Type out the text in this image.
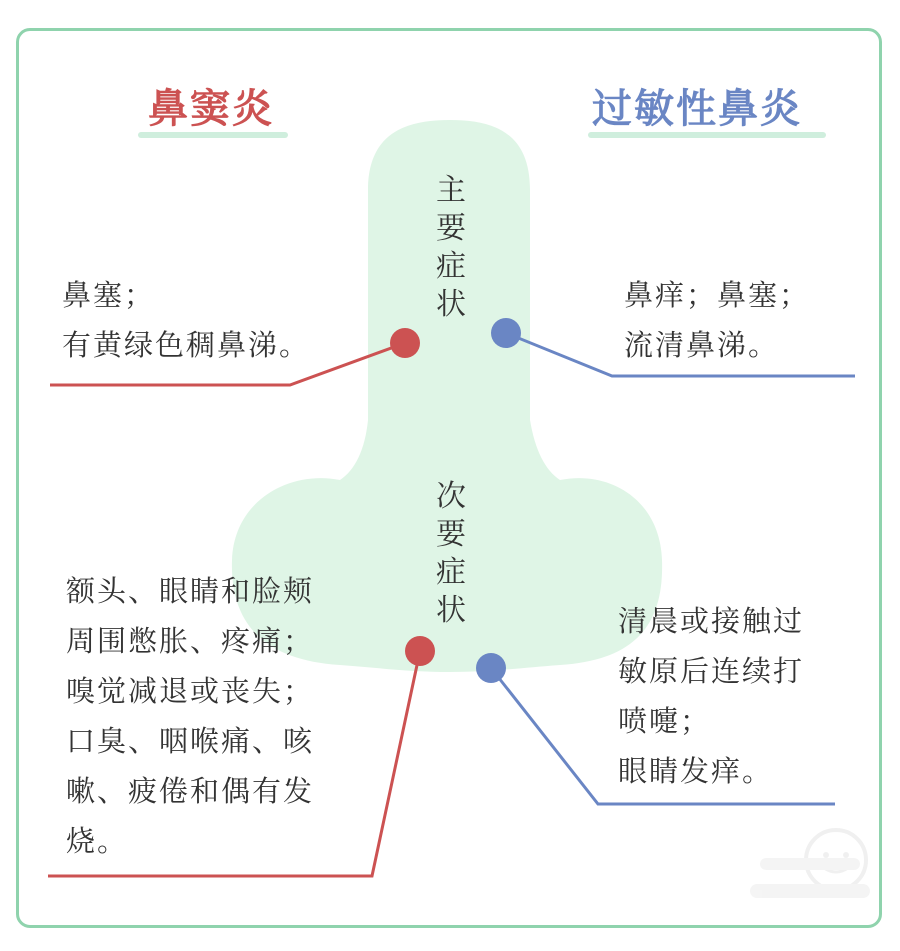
鼻窦炎	过敏性鼻炎
主
要
症
状
次
要
症
状
鼻塞；
有黄绿色稠鼻涕。
鼻痒；鼻塞；
流清鼻涕。
额头、眼睛和脸颊
周围憋胀、疼痛；
嗅觉减退或丧失；
口臭、咽喉痛、咳
嗽、疲倦和偶有发
烧。
清晨或接触过
敏原后连续打
喷嚏；
眼睛发痒。
